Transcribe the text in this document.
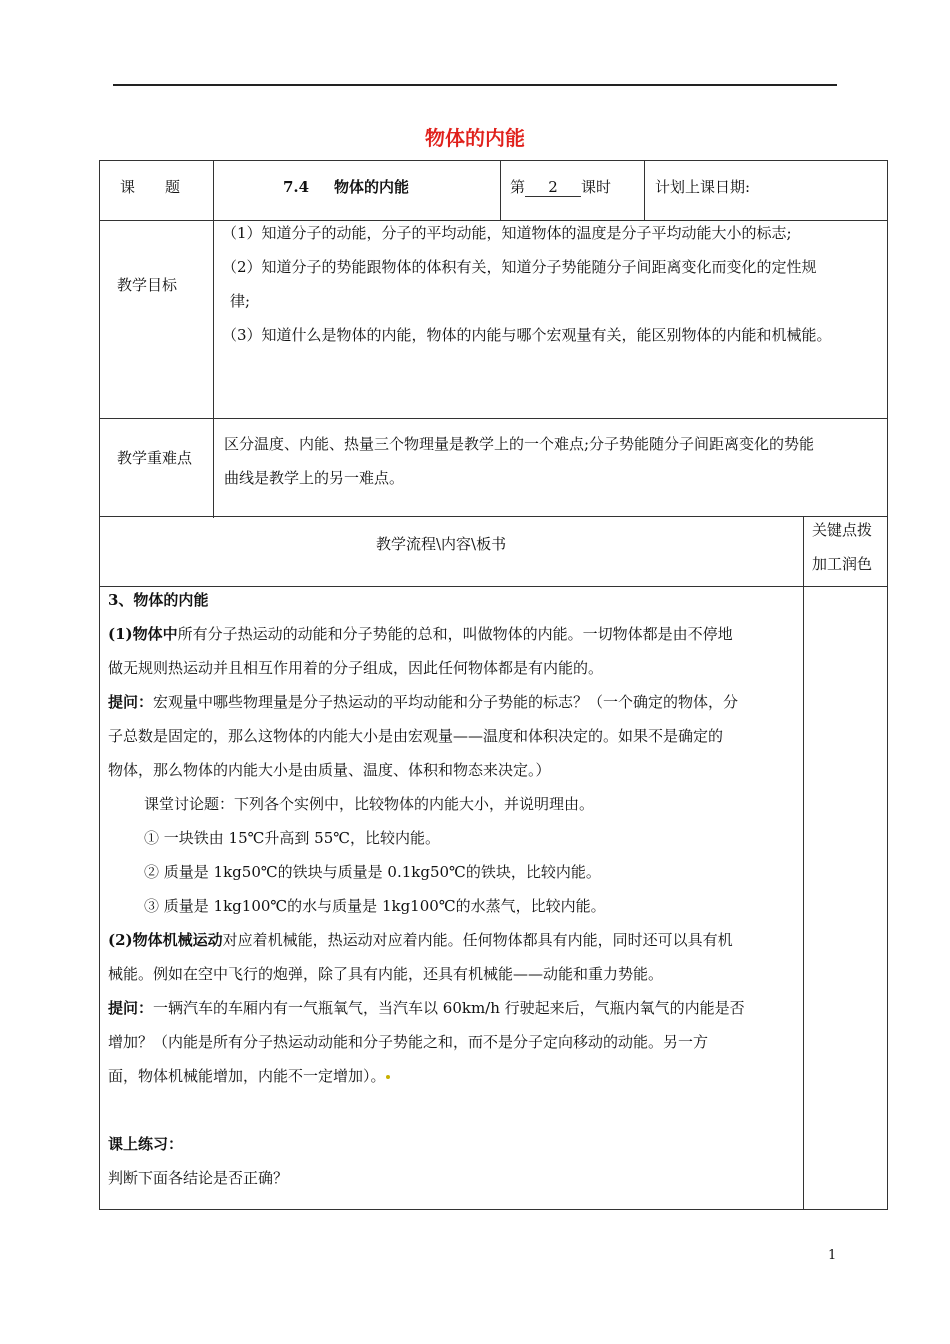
物体的内能
课　　题	7.4 物体的内能	第 2 课时	计划上课日期:
教学目标
（1）知道分子的动能，分子的平均动能，知道物体的温度是分子平均动能大小的标志;
（2）知道分子的势能跟物体的体积有关，知道分子势能随分子间距离变化而变化的定性规
律;
（3）知道什么是物体的内能，物体的内能与哪个宏观量有关，能区别物体的内能和机械能。
教学重难点
区分温度、内能、热量三个物理量是教学上的一个难点;分子势能随分子间距离变化的势能
曲线是教学上的另一难点。
教学流程\内容\板书
关键点拨
加工润色
3、物体的内能
(1)物体中所有分子热运动的动能和分子势能的总和，叫做物体的内能。一切物体都是由不停地
做无规则热运动并且相互作用着的分子组成，因此任何物体都是有内能的。
提问：宏观量中哪些物理量是分子热运动的平均动能和分子势能的标志？（一个确定的物体，分
子总数是固定的，那么这物体的内能大小是由宏观量——温度和体积决定的。如果不是确定的
物体，那么物体的内能大小是由质量、温度、体积和物态来决定。）
课堂讨论题：下列各个实例中，比较物体的内能大小，并说明理由。
① 一块铁由 15℃升高到 55℃，比较内能。
② 质量是 1kg50℃的铁块与质量是 0.1kg50℃的铁块，比较内能。
③ 质量是 1kg100℃的水与质量是 1kg100℃的水蒸气，比较内能。
(2)物体机械运动对应着机械能，热运动对应着内能。任何物体都具有内能，同时还可以具有机
械能。例如在空中飞行的炮弹，除了具有内能，还具有机械能——动能和重力势能。
提问：一辆汽车的车厢内有一气瓶氧气，当汽车以 60km/h 行驶起来后，气瓶内氧气的内能是否
增加？（内能是所有分子热运动动能和分子势能之和，而不是分子定向移动的动能。另一方
面，物体机械能增加，内能不一定增加）。
课上练习：
判断下面各结论是否正确？
1
